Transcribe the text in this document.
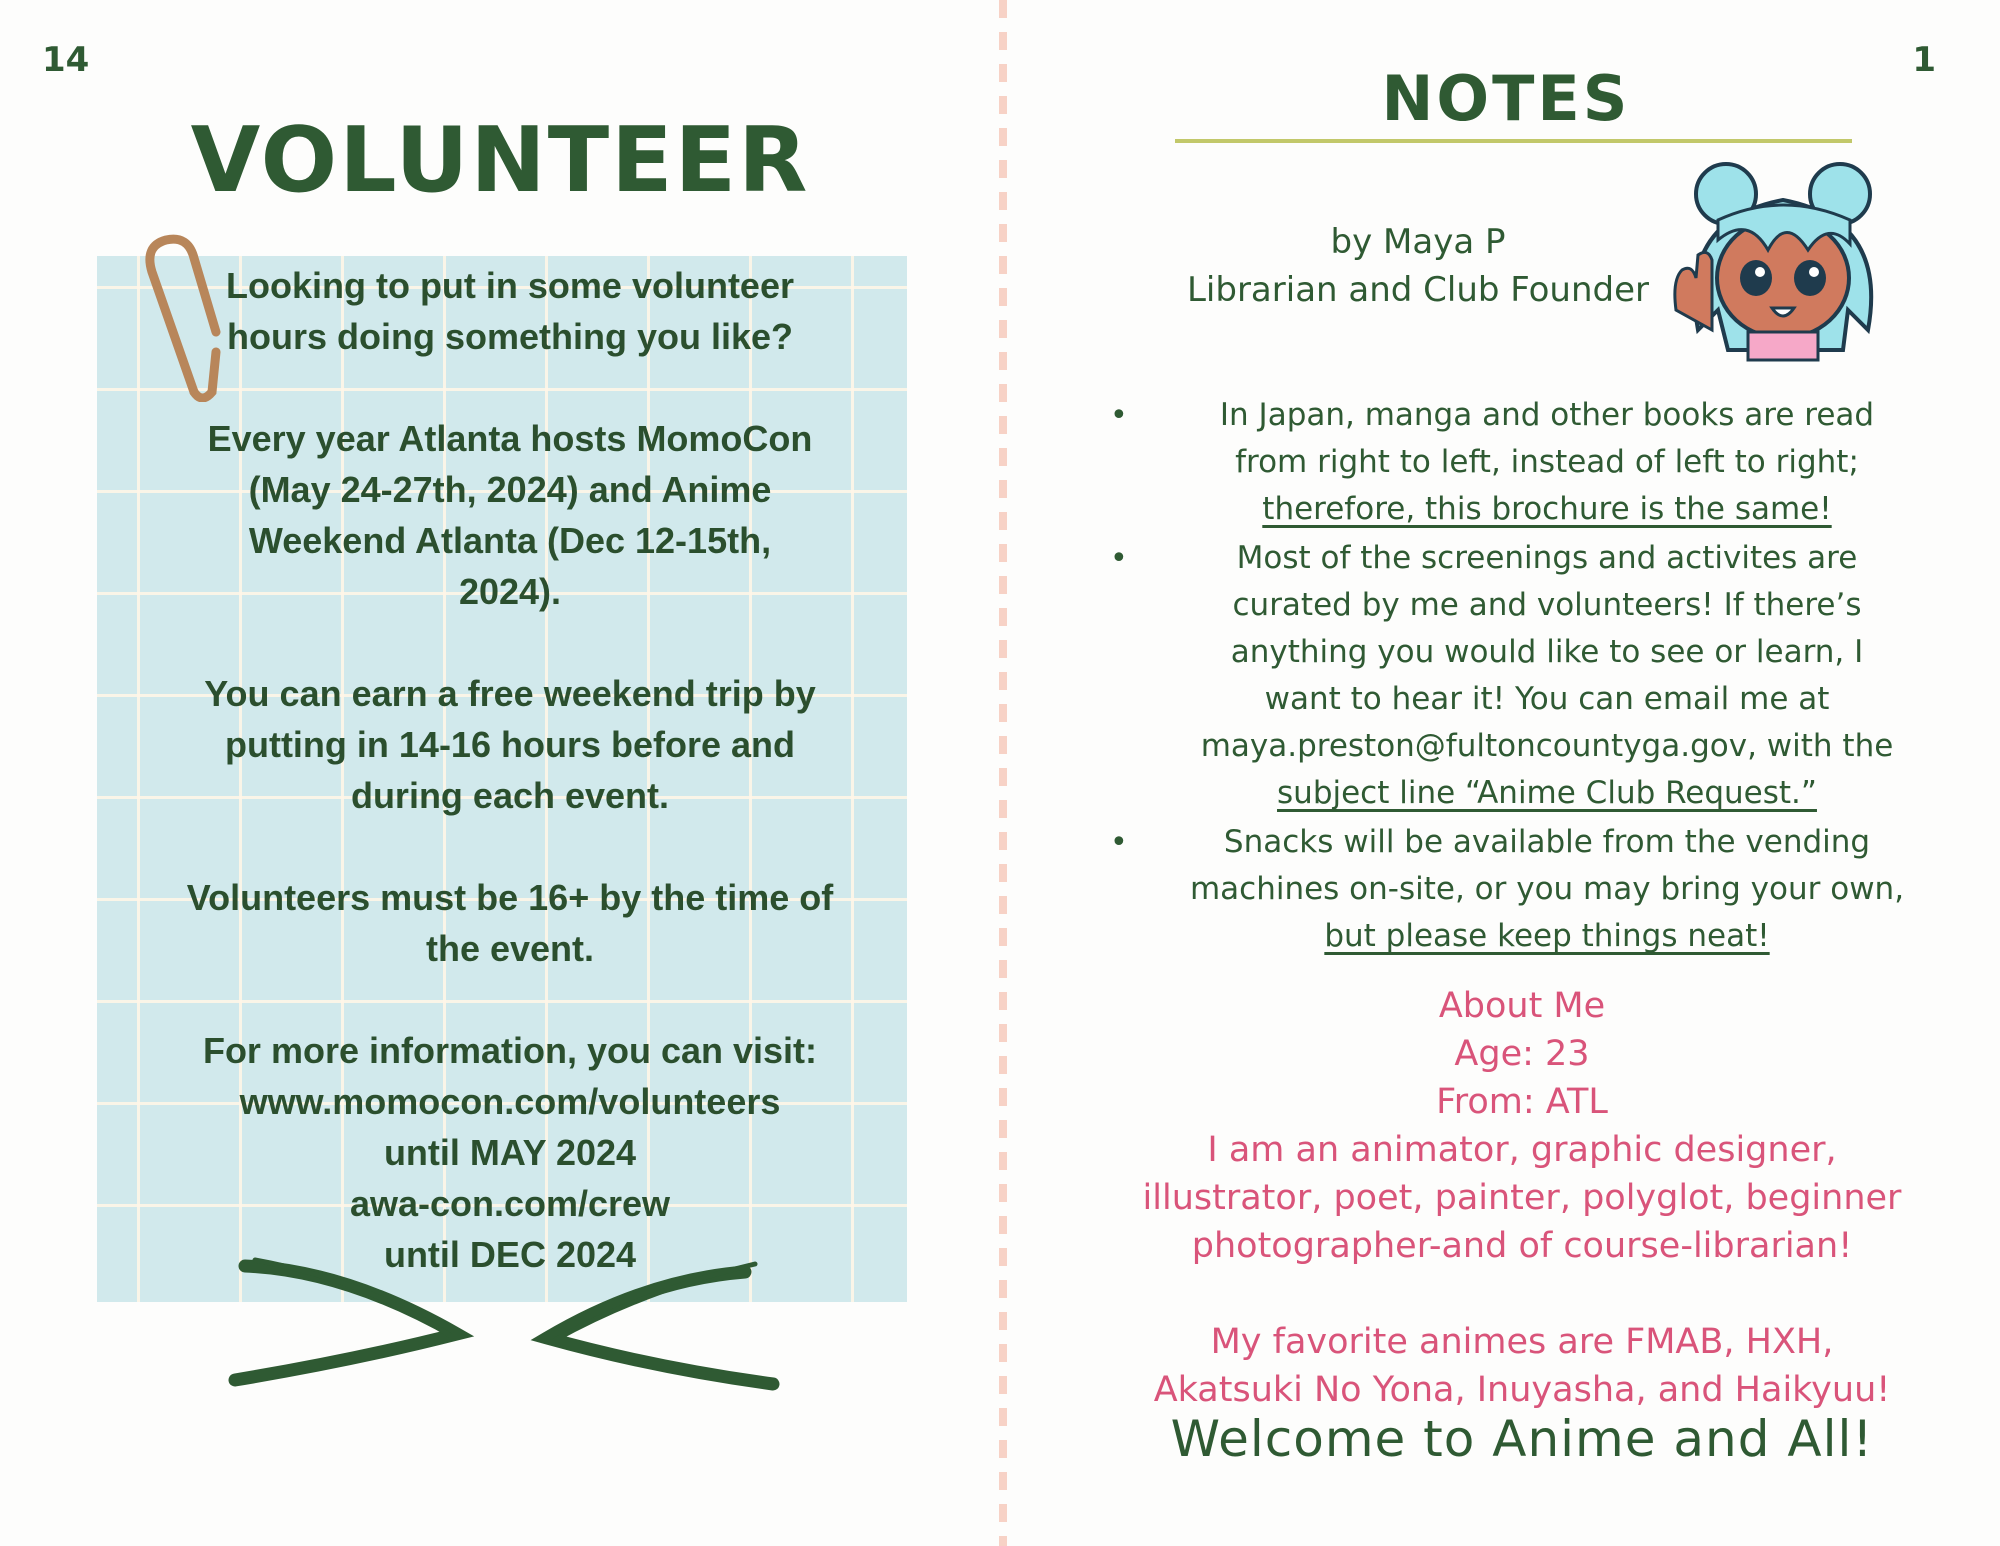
14
VOLUNTEER

Looking to put in some volunteer
hours doing something you like?

Every year Atlanta hosts MomoCon
(May 24-27th, 2024) and Anime
Weekend Atlanta (Dec 12-15th,
2024).

You can earn a free weekend trip by
putting in 14-16 hours before and
during each event.

Volunteers must be 16+ by the time of
the event.

For more information, you can visit:
www.momocon.com/volunteers
until MAY 2024
awa-con.com/crew
until DEC 2024

1
NOTES
by Maya P
Librarian and Club Founder
•	In Japan, manga and other books are read
from right to left, instead of left to right;
therefore, this brochure is the same!
•	Most of the screenings and activites are
curated by me and volunteers! If there’s
anything you would like to see or learn, I
want to hear it! You can email me at
maya.preston@fultoncountyga.gov, with the
subject line “Anime Club Request.”
•	Snacks will be available from the vending
machines on-site, or you may bring your own,
but please keep things neat!
About Me
Age: 23
From: ATL
I am an animator, graphic designer,
illustrator, poet, painter, polyglot, beginner
photographer-and of course-librarian!
My favorite animes are FMAB, HXH,
Akatsuki No Yona, Inuyasha, and Haikyuu!
Welcome to Anime and All!
